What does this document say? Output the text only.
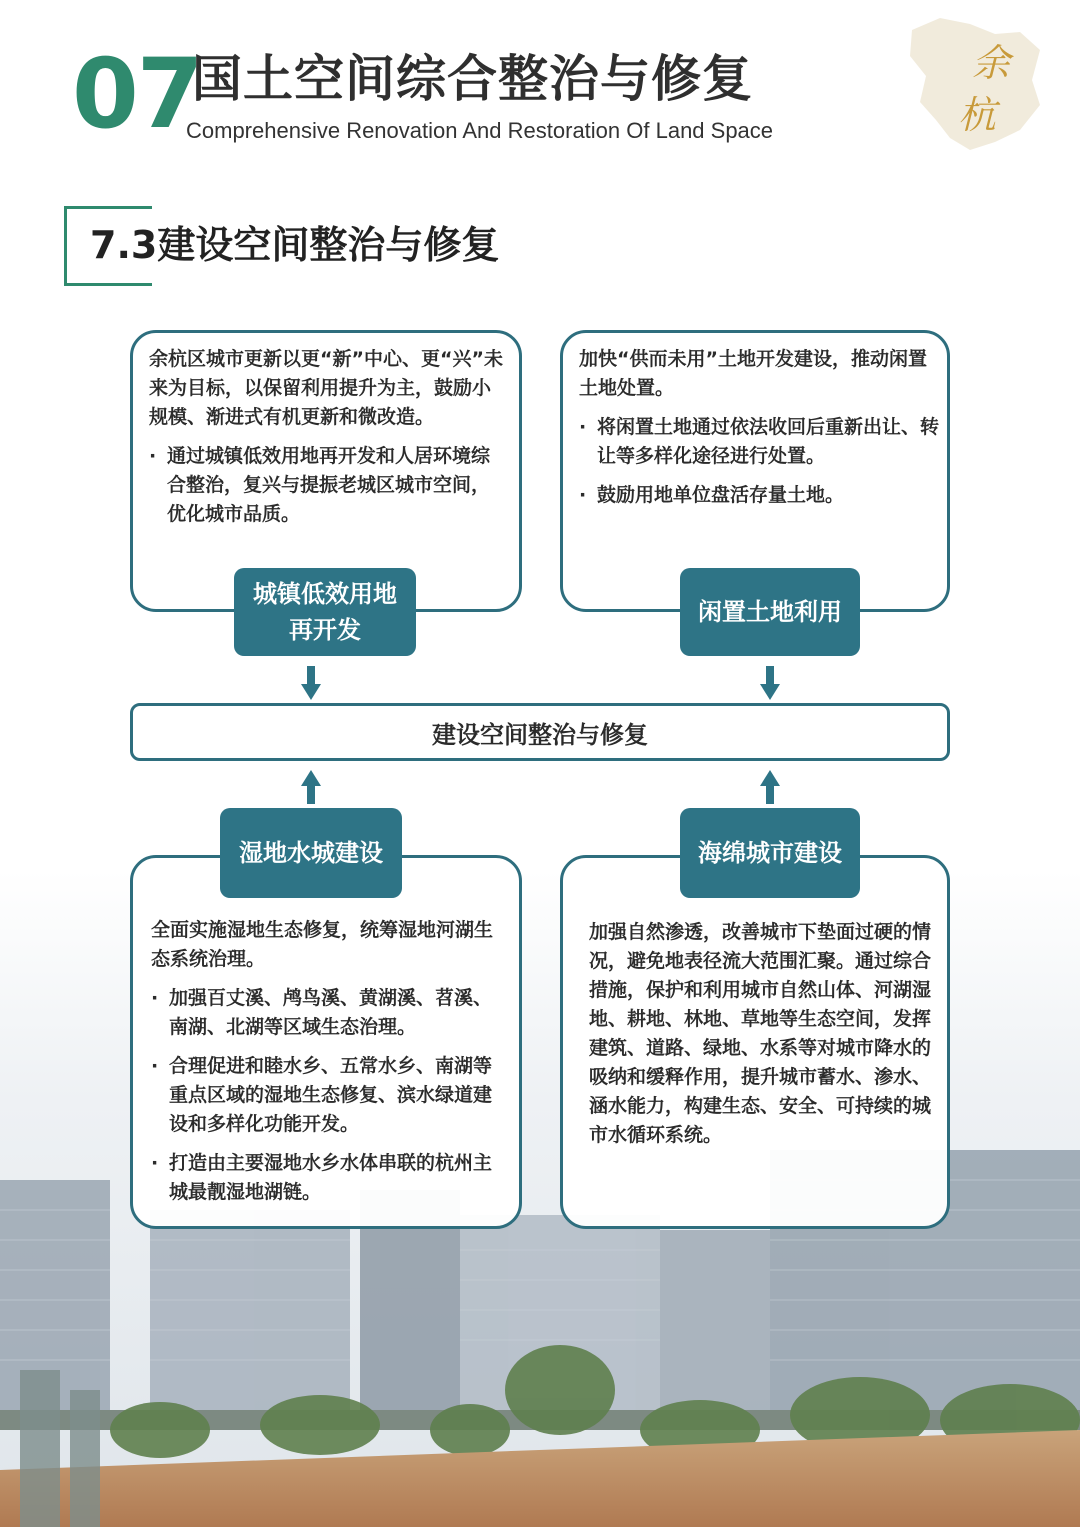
07
国土空间综合整治与修复
Comprehensive Renovation And Restoration Of Land Space
余
杭
7.3建设空间整治与修复
余杭区城市更新以更“新”中心、更“兴”未来为目标，以保留利用提升为主，鼓励小规模、渐进式有机更新和微改造。
· 通过城镇低效用地再开发和人居环境综合整治，复兴与提振老城区城市空间，优化城市品质。
城镇低效用地
再开发
加快“供而未用”土地开发建设，推动闲置土地处置。
· 将闲置土地通过依法收回后重新出让、转让等多样化途径进行处置。
· 鼓励用地单位盘活存量土地。
闲置土地利用
建设空间整治与修复
全面实施湿地生态修复，统筹湿地河湖生态系统治理。
· 加强百丈溪、鸬鸟溪、黄湖溪、苕溪、南湖、北湖等区域生态治理。
· 合理促进和睦水乡、五常水乡、南湖等重点区域的湿地生态修复、滨水绿道建设和多样化功能开发。
· 打造由主要湿地水乡水体串联的杭州主城最靓湿地湖链。
湿地水城建设
加强自然渗透，改善城市下垫面过硬的情况，避免地表径流大范围汇聚。通过综合措施，保护和利用城市自然山体、河湖湿地、耕地、林地、草地等生态空间，发挥建筑、道路、绿地、水系等对城市降水的吸纳和缓释作用，提升城市蓄水、渗水、涵水能力，构建生态、安全、可持续的城市水循环系统。
海绵城市建设
